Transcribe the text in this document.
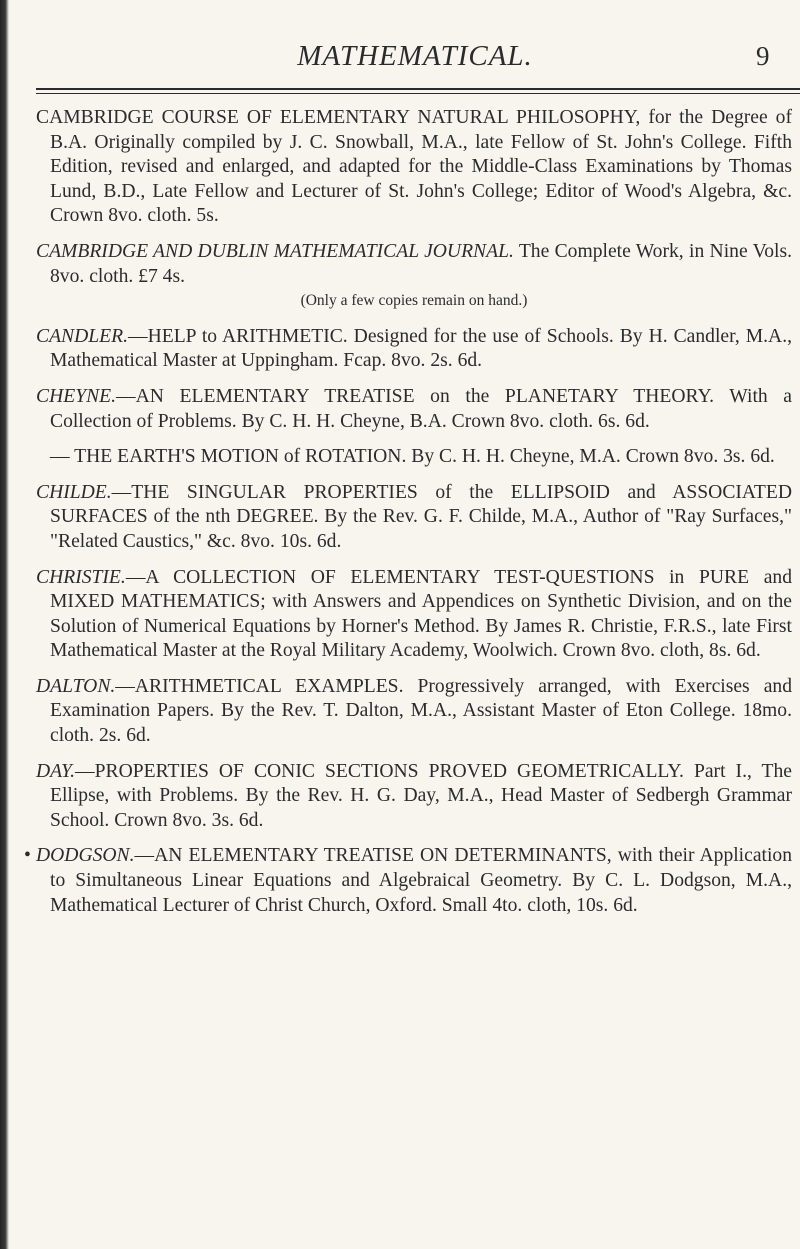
MATHEMATICAL.	9

CAMBRIDGE COURSE OF ELEMENTARY NATURAL PHILOSOPHY, for the Degree of B.A. Originally compiled by J. C. Snowball, M.A., late Fellow of St. John's College. Fifth Edition, revised and enlarged, and adapted for the Middle-Class Examinations by Thomas Lund, B.D., Late Fellow and Lecturer of St. John's College; Editor of Wood's Algebra, &c. Crown 8vo. cloth. 5s.

CAMBRIDGE AND DUBLIN MATHEMATICAL JOURNAL. The Complete Work, in Nine Vols. 8vo. cloth. £7 4s.
(Only a few copies remain on hand.)

CANDLER.—HELP to ARITHMETIC. Designed for the use of Schools. By H. Candler, M.A., Mathematical Master at Uppingham. Fcap. 8vo. 2s. 6d.

CHEYNE.—AN ELEMENTARY TREATISE on the PLANETARY THEORY. With a Collection of Problems. By C. H. H. Cheyne, B.A. Crown 8vo. cloth. 6s. 6d.

— THE EARTH'S MOTION of ROTATION. By C. H. H. Cheyne, M.A. Crown 8vo. 3s. 6d.

CHILDE.—THE SINGULAR PROPERTIES of the ELLIPSOID and ASSOCIATED SURFACES of the nth DEGREE. By the Rev. G. F. Childe, M.A., Author of "Ray Surfaces," "Related Caustics," &c. 8vo. 10s. 6d.

CHRISTIE.—A COLLECTION OF ELEMENTARY TEST-QUESTIONS in PURE and MIXED MATHEMATICS; with Answers and Appendices on Synthetic Division, and on the Solution of Numerical Equations by Horner's Method. By James R. Christie, F.R.S., late First Mathematical Master at the Royal Military Academy, Woolwich. Crown 8vo. cloth, 8s. 6d.

DALTON.—ARITHMETICAL EXAMPLES. Progressively arranged, with Exercises and Examination Papers. By the Rev. T. Dalton, M.A., Assistant Master of Eton College. 18mo. cloth. 2s. 6d.

DAY.—PROPERTIES OF CONIC SECTIONS PROVED GEOMETRICALLY. Part I., The Ellipse, with Problems. By the Rev. H. G. Day, M.A., Head Master of Sedbergh Grammar School. Crown 8vo. 3s. 6d.

• DODGSON.—AN ELEMENTARY TREATISE ON DETERMINANTS, with their Application to Simultaneous Linear Equations and Algebraical Geometry. By C. L. Dodgson, M.A., Mathematical Lecturer of Christ Church, Oxford. Small 4to. cloth, 10s. 6d.
